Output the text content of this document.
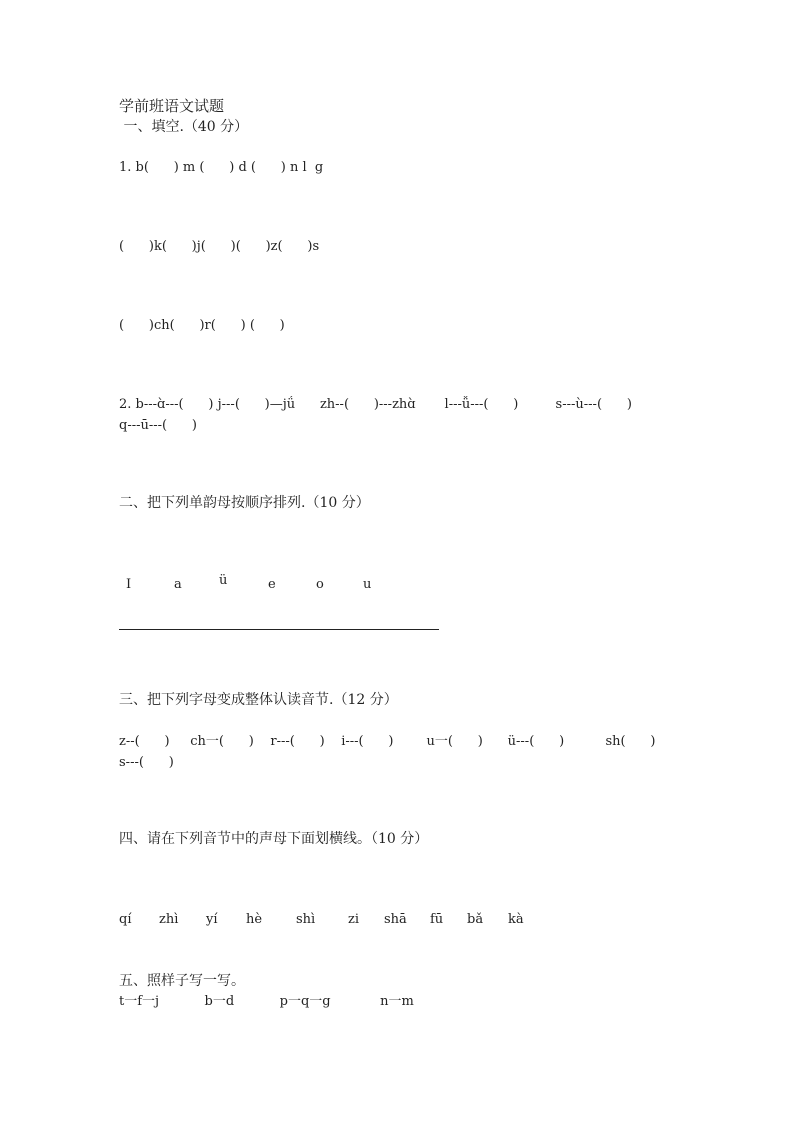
学前班语文试题
一、填空.（40 分）
1. b(      ) m (      ) d (      ) n l  g
(      )k(      )j(      )(      )z(      )s
(      )ch(      )r(      ) (      )
2. b---ɑ̀---(      ) j---(      )—jǘ      zh--(      )---zhɑ̀       l---ǚ---(      )         s---ù---(      )
q---ū---(      )
二、把下列单韵母按顺序排列.（10 分）
I	a	ü	e	o	u
三、把下列字母变成整体认读音节.（12 分）
z--(      )     ch一(      )    r---(      )    i---(      )        u一(      )      ü---(      )          sh(      )
s---(      )
四、请在下列音节中的声母下面划横线。（10 分）
qí zhì yí hè	shì	zi shā fū bǎ kà
五、照样子写一写。
t一f一j           b一d           p一q一g            n一m
